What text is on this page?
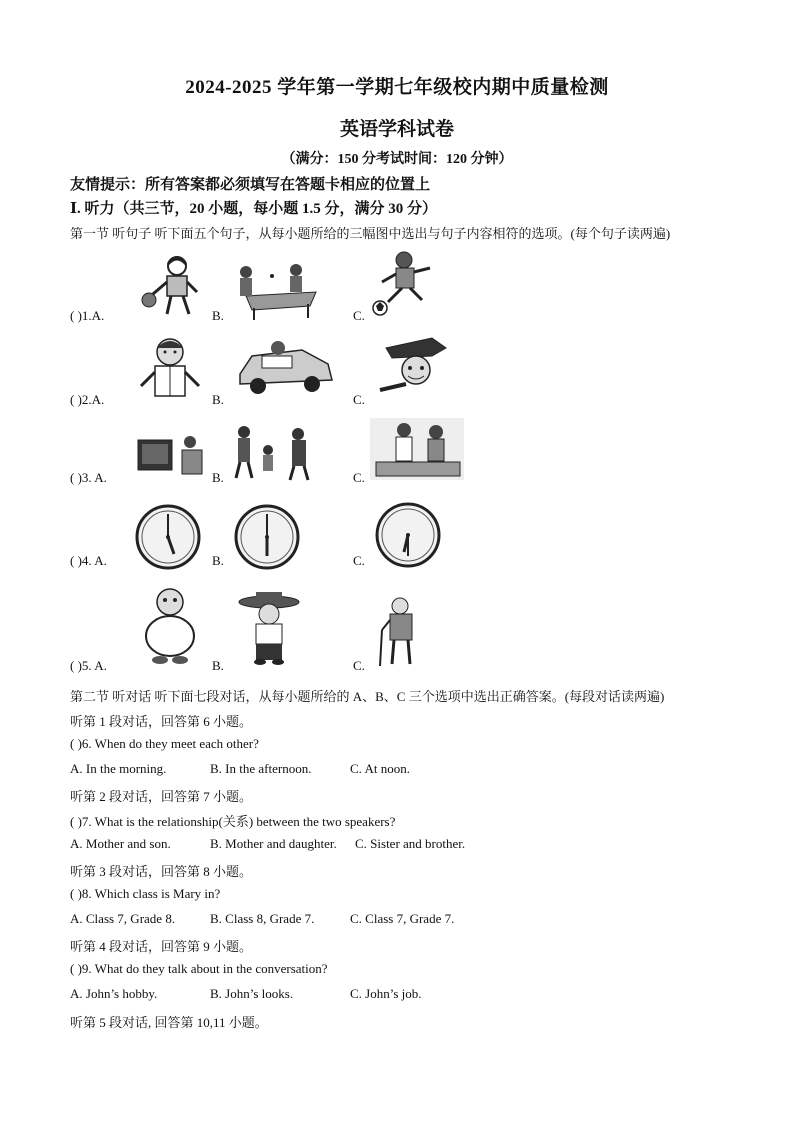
2024-2025 学年第一学期七年级校内期中质量检测
英语学科试卷
（满分：150 分考试时间：120 分钟）
友情提示：所有答案都必须填写在答题卡相应的位置上
Ⅰ. 听力（共三节，20 小题，每小题 1.5 分，满分 30 分）
第一节 听句子 听下面五个句子，从每小题所给的三幅图中选出与句子内容相符的选项。(每个句子读两遍)
( )1.A.	B.	C.
( )2.A.	B.	C.
( )3. A.	B.	C.
( )4. A.	B.	C.
( )5. A.	B.	C.
第二节 听对话 听下面七段对话，从每小题所给的 A、B、C 三个选项中选出正确答案。(每段对话读两遍)
听第 1 段对话，回答第 6 小题。
( )6. When do they meet each other?
A. In the morning.	B. In the afternoon.	C. At noon.
听第 2 段对话，回答第 7 小题。
( )7. What is the relationship(关系) between the two speakers?
A. Mother and son.	B. Mother and daughter. C. Sister and brother.
听第 3 段对话，回答第 8 小题。
( )8. Which class is Mary in?
A. Class 7, Grade 8.	B. Class 8, Grade 7.	C. Class 7, Grade 7.
听第 4 段对话，回答第 9 小题。
( )9. What do they talk about in the conversation?
A. John’s hobby.	B. John’s looks.	C. John’s job.
听第 5 段对话, 回答第 10,11 小题。
